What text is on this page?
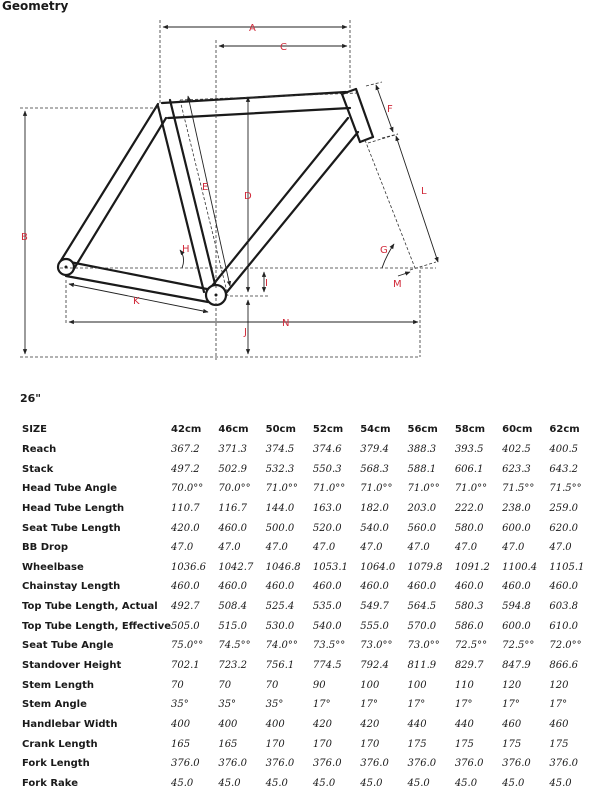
Geometry
A
C
B
D
E
F
L
G
H
I	M
K
N
J
26"
SIZE	42cm	46cm	50cm	52cm	54cm	56cm	58cm	60cm	62cm
Reach	367.2	371.3	374.5	374.6	379.4	388.3	393.5	402.5	400.5
Stack	497.2	502.9	532.3	550.3	568.3	588.1	606.1	623.3	643.2
Head Tube Angle	70.0°°	70.0°°	71.0°°	71.0°°	71.0°°	71.0°°	71.0°°	71.5°°	71.5°°
Head Tube Length	110.7	116.7	144.0	163.0	182.0	203.0	222.0	238.0	259.0
Seat Tube Length	420.0	460.0	500.0	520.0	540.0	560.0	580.0	600.0	620.0
BB Drop	47.0	47.0	47.0	47.0	47.0	47.0	47.0	47.0	47.0
Wheelbase	1036.6	1042.7	1046.8	1053.1	1064.0	1079.8	1091.2	1100.4	1105.1
Chainstay Length	460.0	460.0	460.0	460.0	460.0	460.0	460.0	460.0	460.0
Top Tube Length, Actual	492.7	508.4	525.4	535.0	549.7	564.5	580.3	594.8	603.8
Top Tube Length, Effective	505.0	515.0	530.0	540.0	555.0	570.0	586.0	600.0	610.0
Seat Tube Angle	75.0°°	74.5°°	74.0°°	73.5°°	73.0°°	73.0°°	72.5°°	72.5°°	72.0°°
Standover Height	702.1	723.2	756.1	774.5	792.4	811.9	829.7	847.9	866.6
Stem Length	70	70	70	90	100	100	110	120	120
Stem Angle	35°	35°	35°	17°	17°	17°	17°	17°	17°
Handlebar Width	400	400	400	420	420	440	440	460	460
Crank Length	165	165	170	170	170	175	175	175	175
Fork Length	376.0	376.0	376.0	376.0	376.0	376.0	376.0	376.0	376.0
Fork Rake	45.0	45.0	45.0	45.0	45.0	45.0	45.0	45.0	45.0
